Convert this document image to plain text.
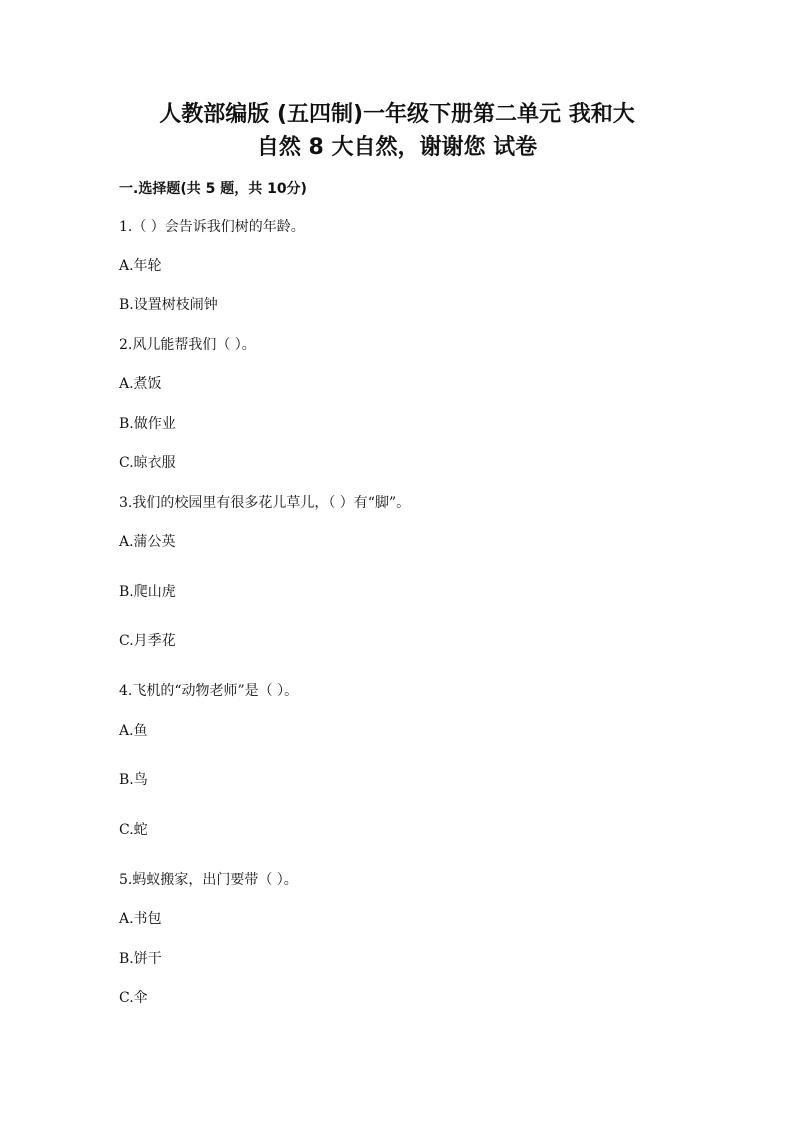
人教部编版 (五四制)一年级下册第二单元 我和大
自然 8 大自然，谢谢您 试卷
一.选择题(共 5 题，共 10分)
1.（ ）会告诉我们树的年龄。
A.年轮
B.设置树枝闹钟
2.风儿能帮我们（ ）。
A.煮饭
B.做作业
C.晾衣服
3.我们的校园里有很多花儿草儿，（ ）有“脚”。
A.蒲公英
B.爬山虎
C.月季花
4.飞机的“动物老师”是（ ）。
A.鱼
B.鸟
C.蛇
5.蚂蚁搬家，出门要带（ ）。
A.书包
B.饼干
C.伞
